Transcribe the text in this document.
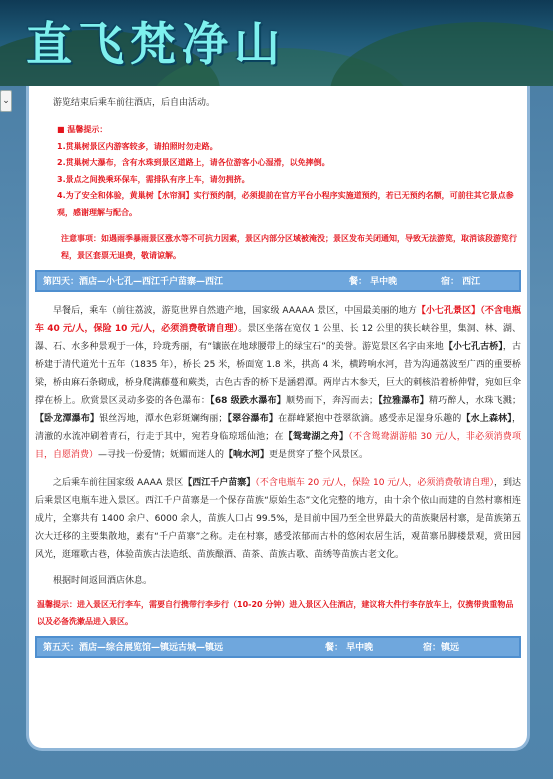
直飞梵净山
⌄	游览结束后乘车前往酒店，后自由活动。
■ 温馨提示：
1.贯巢树景区内游客较多，请拍照时勿走路。
2.贯巢树大瀑布，含有水珠到景区道路上，请各位游客小心湿滑，以免摔倒。
3.景点之间换乘环保车，需排队有序上车，请勿拥挤。
4.为了安全和体验，黄巢树【水帘洞】实行预约制，必须提前在官方平台小程序实施道预约，若已无预约名额，可前往其它景点参观，感谢理解与配合。
注意事项：如遇雨季暴雨景区涨水等不可抗力因素，景区内部分区域被淹没；景区发布关闭通知，导致无法游览，取消该段游览行程，景区套票无退费，敬请谅解。
第四天：酒店—小七孔—西江千户苗寨—西江	餐： 早中晚	宿： 西江
早餐后，乘车（前往荔波，游览世界自然遗产地，国家级 AAAAA 景区，中国最美丽的地方【小七孔景区】（不含电瓶车 40 元/人，保险 10 元/人，必须消费敬请自理）。景区坐落在宽仅 1 公里、长 12 公里的狭长峡谷里，集洞、林、湖、瀑、石、水多种景观于一体，玲珑秀丽，有“镶嵌在地球腰带上的绿宝石”的美誉。游览景区名字由来地【小七孔古桥】，古桥建于清代道光十五年（1835 年），桥长 25 米，桥面宽 1.8 米，拱高 4 米，横跨响水河，昔为沟通荔波至广西的重要桥梁，桥由麻石条砌成，桥身爬满藤蔓和蕨类，古色古香的桥下是涵碧潭。两岸古木参天，巨大的刺核沿着桥伸臂，宛如巨伞撑在桥上。欣赏景区灵动多姿的各色瀑布：【68 级跌水瀑布】顺势而下，奔泻而去；【拉雅瀑布】精巧醉人，水珠飞溅；【卧龙潭瀑布】银丝泻地，潭水色彩斑斓绚丽；【翠谷瀑布】在群峰紧抱中苍翠欲滴。感受赤足湿身乐趣的【水上森林】，清澈的水流冲刷着青石，行走于其中，宛若身临琼瑶仙池；在【鸳鸯湖之舟】（不含鸳鸯湖游船 30 元/人，非必须消费项目，自愿消费）—寻找一份爱情；妩媚而迷人的【响水河】更是贯穿了整个风景区。
之后乘车前往国家级 AAAA 景区【西江千户苗寨】（不含电瓶车 20 元/人，保险 10 元/人，必须消费敬请自理），到达后乘景区电瓶车进入景区。西江千户苗寨是一个保存苗族“原始生态”文化完整的地方，由十余个依山而建的自然村寨相连成片，全寨共有 1400 余户、6000 余人，苗族人口占 99.5%，是目前中国乃至全世界最大的苗族聚居村寨，是苗族第五次大迁移的主要集散地，素有“千户苗寨”之称。走在村寨，感受浓郁而古朴的悠闲农居生活，观苗寨吊脚楼景观，赏田园风光，逛璀歌古巷，体验苗族古法造纸、苗族酿酒、苗茶、苗族古歌、苗绣等苗族古老文化。
根据时间返回酒店休息。
温馨提示：进入景区无行李车，需要自行携带行李步行（10-20 分钟）进入景区入住酒店，建议将大件行李存放车上，仅携带贵重物品以及必备洗漱品进入景区。
第五天：酒店—综合展览馆—镇远古城—镇远	餐： 早中晚	宿：镇远
